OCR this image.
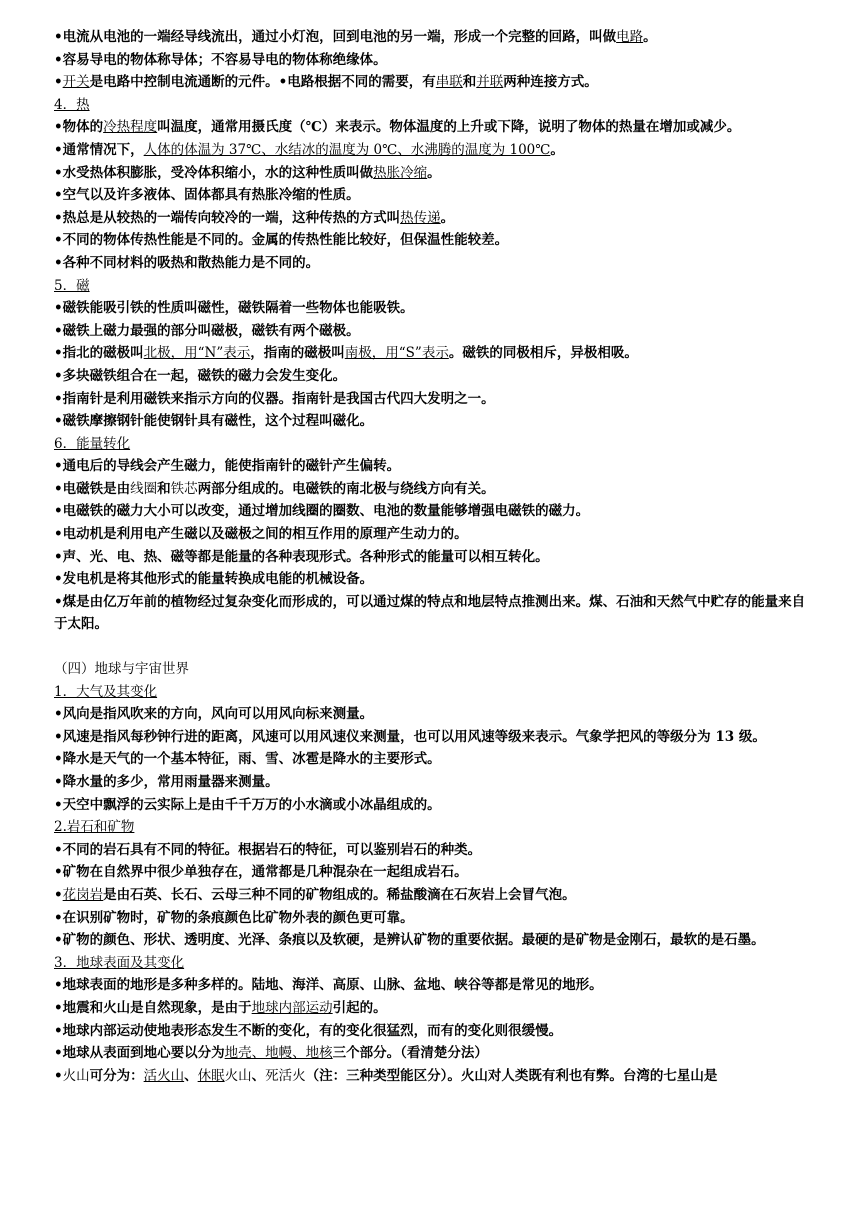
•电流从电池的一端经导线流出，通过小灯泡，回到电池的另一端，形成一个完整的回路，叫做电路。
•容易导电的物体称导体；不容易导电的物体称绝缘体。
•开关是电路中控制电流通断的元件。•电路根据不同的需要，有串联和并联两种连接方式。
4．热
•物体的冷热程度叫温度，通常用摄氏度（℃）来表示。物体温度的上升或下降，说明了物体的热量在增加或减少。
•通常情况下，人体的体温为 37℃、水结冰的温度为 0℃、水沸腾的温度为 100℃。
•水受热体积膨胀，受冷体积缩小，水的这种性质叫做热胀冷缩。
•空气以及许多液体、固体都具有热胀冷缩的性质。
•热总是从较热的一端传向较冷的一端，这种传热的方式叫热传递。
•不同的物体传热性能是不同的。金属的传热性能比较好，但保温性能较差。
•各种不同材料的吸热和散热能力是不同的。
5．磁
•磁铁能吸引铁的性质叫磁性，磁铁隔着一些物体也能吸铁。
•磁铁上磁力最强的部分叫磁极，磁铁有两个磁极。
•指北的磁极叫北极，用“N”表示，指南的磁极叫南极，用“S”表示。磁铁的同极相斥，异极相吸。
•多块磁铁组合在一起，磁铁的磁力会发生变化。
•指南针是利用磁铁来指示方向的仪器。指南针是我国古代四大发明之一。
•磁铁摩擦钢针能使钢针具有磁性，这个过程叫磁化。
6．能量转化
•通电后的导线会产生磁力，能使指南针的磁针产生偏转。
•电磁铁是由线圈和铁芯两部分组成的。电磁铁的南北极与绕线方向有关。
•电磁铁的磁力大小可以改变，通过增加线圈的圈数、电池的数量能够增强电磁铁的磁力。
•电动机是利用电产生磁以及磁极之间的相互作用的原理产生动力的。
•声、光、电、热、磁等都是能量的各种表现形式。各种形式的能量可以相互转化。
•发电机是将其他形式的能量转换成电能的机械设备。
•煤是由亿万年前的植物经过复杂变化而形成的，可以通过煤的特点和地层特点推测出来。煤、石油和天然气中贮存的能量来自于太阳。
（四）地球与宇宙世界
1．大气及其变化
•风向是指风吹来的方向，风向可以用风向标来测量。
•风速是指风每秒钟行进的距离，风速可以用风速仪来测量，也可以用风速等级来表示。气象学把风的等级分为 13 级。
•降水是天气的一个基本特征，雨、雪、冰雹是降水的主要形式。
•降水量的多少，常用雨量器来测量。
•天空中飘浮的云实际上是由千千万万的小水滴或小冰晶组成的。
2.岩石和矿物
•不同的岩石具有不同的特征。根据岩石的特征，可以鉴别岩石的种类。
•矿物在自然界中很少单独存在，通常都是几种混杂在一起组成岩石。
•花岗岩是由石英、长石、云母三种不同的矿物组成的。稀盐酸滴在石灰岩上会冒气泡。
•在识别矿物时，矿物的条痕颜色比矿物外表的颜色更可靠。
•矿物的颜色、形状、透明度、光泽、条痕以及软硬，是辨认矿物的重要依据。最硬的是矿物是金刚石，最软的是石墨。
3．地球表面及其变化
•地球表面的地形是多种多样的。陆地、海洋、高原、山脉、盆地、峡谷等都是常见的地形。
•地震和火山是自然现象，是由于地球内部运动引起的。
•地球内部运动使地表形态发生不断的变化，有的变化很猛烈，而有的变化则很缓慢。
•地球从表面到地心要以分为地壳、地幔、地核三个部分。（看清楚分法）
•火山可分为：活火山、休眠火山、死活火（注：三种类型能区分）。火山对人类既有利也有弊。台湾的七星山是
